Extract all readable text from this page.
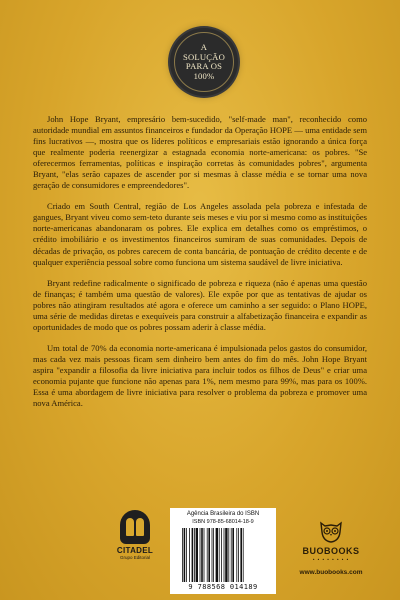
A
SOLUÇÃO
PARA OS
100%

John Hope Bryant, empresário bem-sucedido, "self-made man", reconhecido como autoridade mundial em assuntos financeiros e fundador da Operação HOPE — uma entidade sem fins lucrativos —, mostra que os líderes políticos e empresariais estão ignorando a única força que realmente poderia reenergizar a estagnada economia norte-americana: os pobres. "Se oferecermos ferramentas, políticas e inspiração corretas às comunidades pobres", argumenta Bryant, "elas serão capazes de ascender por si mesmas à classe média e se tornar uma nova geração de consumidores e empreendedores".

Criado em South Central, região de Los Angeles assolada pela pobreza e infestada de gangues, Bryant viveu como sem-teto durante seis meses e viu por si mesmo como as instituições norte-americanas abandonaram os pobres. Ele explica em detalhes como os empréstimos, o crédito imobiliário e os investimentos financeiros sumiram de suas comunidades. Depois de décadas de privação, os pobres carecem de conta bancária, de pontuação de crédito decente e de qualquer experiência pessoal sobre como funciona um sistema saudável de livre iniciativa.

Bryant redefine radicalmente o significado de pobreza e riqueza (não é apenas uma questão de finanças; é também uma questão de valores). Ele expõe por que as tentativas de ajudar os pobres não atingiram resultados até agora e oferece um caminho a ser seguido: o Plano HOPE, uma série de medidas diretas e exequíveis para construir a alfabetização financeira e expandir as oportunidades de modo que os pobres possam aderir à classe média.

Um total de 70% da economia norte-americana é impulsionada pelos gastos do consumidor, mas cada vez mais pessoas ficam sem dinheiro bem antes do fim do mês. John Hope Bryant aspira "expandir a filosofia da livre iniciativa para incluir todos os filhos de Deus" e criar uma economia pujante que funcione não apenas para 1%, nem mesmo para 99%, mas para os 100%. Essa é uma abordagem de livre iniciativa para resolver o problema da pobreza e promover uma nova América.

CITADEL
Grupo Editorial
Agência Brasileira do ISBN
ISBN 978-85-68014-18-9
9 788568 014189
BUOBOOKS
• • • • • • • •
www.buobooks.com
